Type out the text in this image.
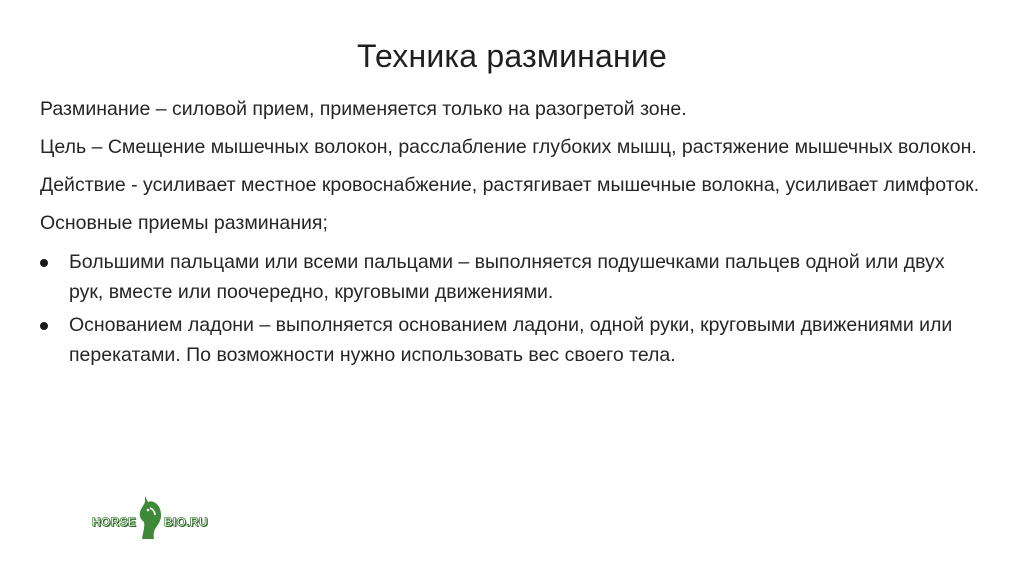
Техника разминание

Разминание – силовой прием, применяется только на разогретой зоне.

Цель – Смещение мышечных волокон, расслабление глубоких мышц, растяжение мышечных волокон.

Действие - усиливает местное кровоснабжение, растягивает мышечные волокна, усиливает лимфоток.

Основные приемы разминания;

Большими пальцами или всеми пальцами – выполняется подушечками пальцев одной или двух рук, вместе или поочередно, круговыми движениями.
Основанием ладони – выполняется основанием ладони, одной руки, круговыми движениями или перекатами. По возможности нужно использовать вес своего тела.
HORSE BIO.RU
